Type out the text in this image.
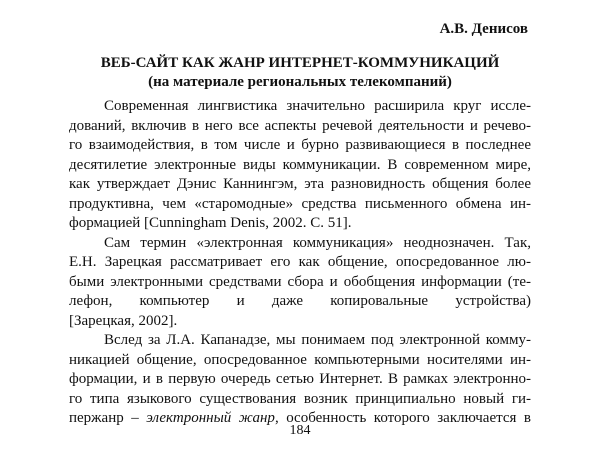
А.В. Денисов
ВЕБ-САЙТ КАК ЖАНР ИНТЕРНЕТ-КОММУНИКАЦИЙ
(на материале региональных телекомпаний)
Современная лингвистика значительно расширила круг иссле-
дований, включив в него все аспекты речевой деятельности и речево-
го взаимодействия, в том числе и бурно развивающиеся в последнее
десятилетие электронные виды коммуникации. В современном мире,
как утверждает Дэнис Каннингэм, эта разновидность общения более
продуктивна, чем «старомодные» средства письменного обмена ин-
формацией [Cunningham Denis, 2002. С. 51].
Сам термин «электронная коммуникация» неоднозначен. Так,
Е.Н. Зарецкая рассматривает его как общение, опосредованное лю-
быми электронными средствами сбора и обобщения информации (те-
лефон, компьютер и даже копировальные устройства)
[Зарецкая, 2002].
Вслед за Л.А. Капанадзе, мы понимаем под электронной комму-
никацией общение, опосредованное компьютерными носителями ин-
формации, и в первую очередь сетью Интернет. В рамках электронно-
го типа языкового существования возник принципиально новый ги-
пержанр – электронный жанр, особенность которого заключается в
184
